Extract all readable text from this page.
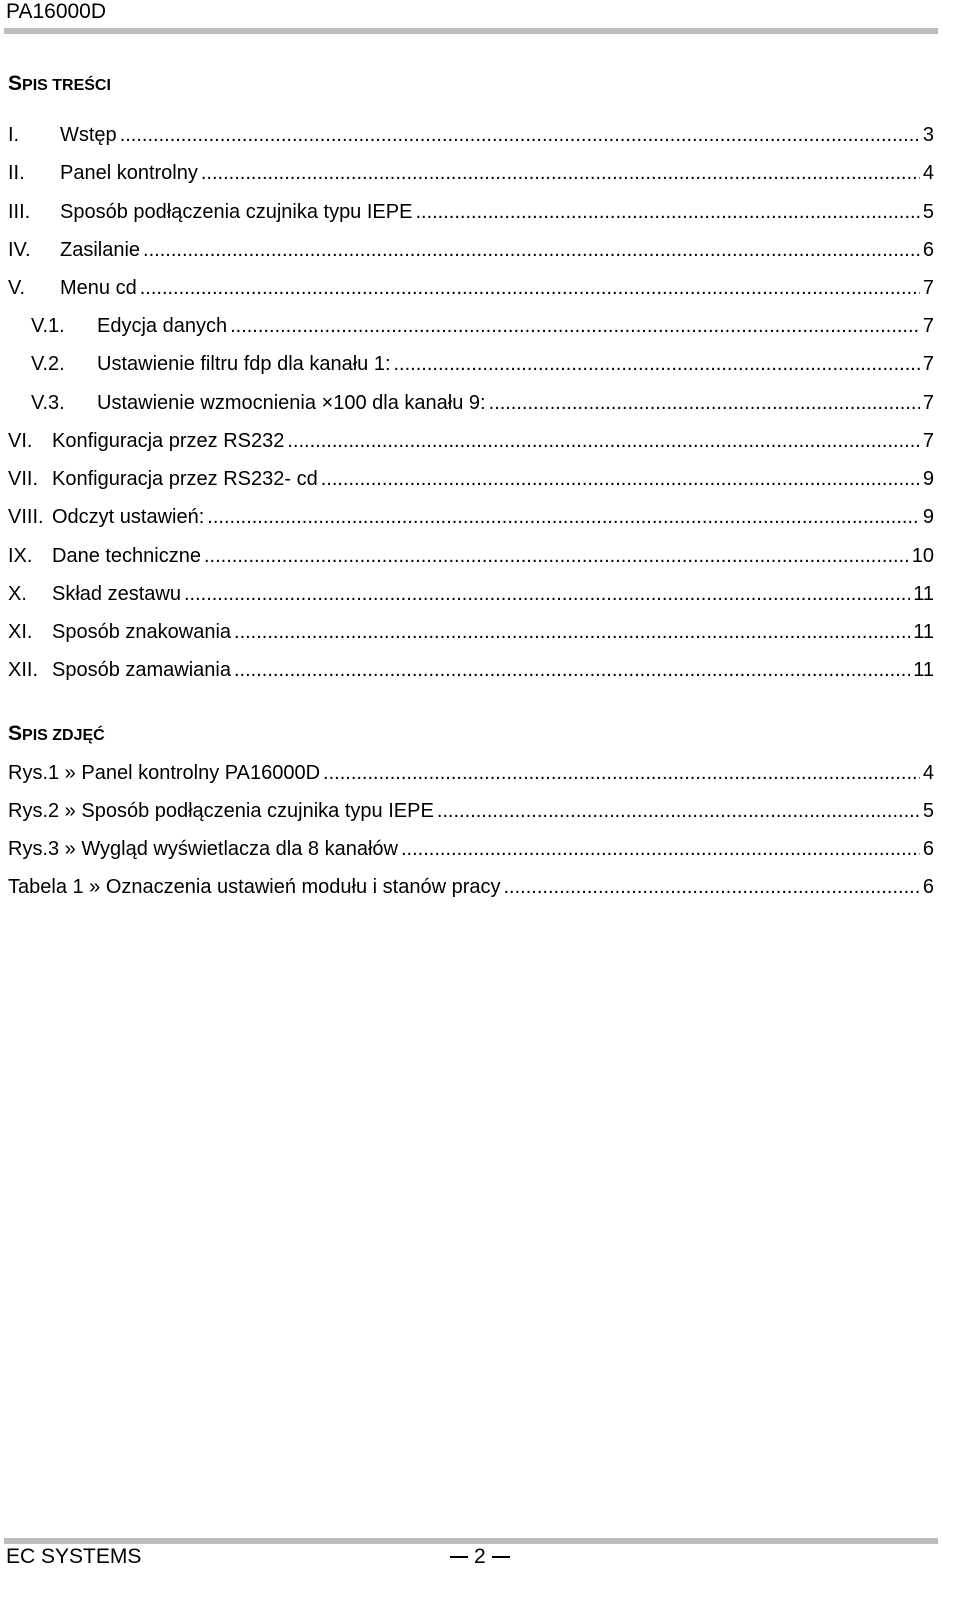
PA16000D
SPIS TREŚCI
I.	Wstęp .....	3
II.	Panel kontrolny .....	4
III.	Sposób podłączenia czujnika typu IEPE .....	5
IV.	Zasilanie .....	6
V.	Menu cd .....	7
V.1.	Edycja danych .....	7
V.2.	Ustawienie filtru fdp dla kanału 1: .....	7
V.3.	Ustawienie wzmocnienia ×100 dla kanału 9: .....	7
VI. Konfiguracja przez RS232 .....	7
VII. Konfiguracja przez RS232- cd .....	9
VIII. Odczyt ustawień: .....	9
IX. Dane techniczne .....	10
X.	Skład zestawu .....	11
XI. Sposób znakowania .....	11
XII. Sposób zamawiania .....	11
SPIS ZDJĘĆ
Rys.1 » Panel kontrolny PA16000D .....	4
Rys.2 » Sposób podłączenia czujnika typu IEPE .....	5
Rys.3 » Wygląd wyświetlacza dla 8 kanałów .....	6
Tabela 1 » Oznaczenia ustawień modułu i stanów pracy .....	6
EC SYSTEMS	2
